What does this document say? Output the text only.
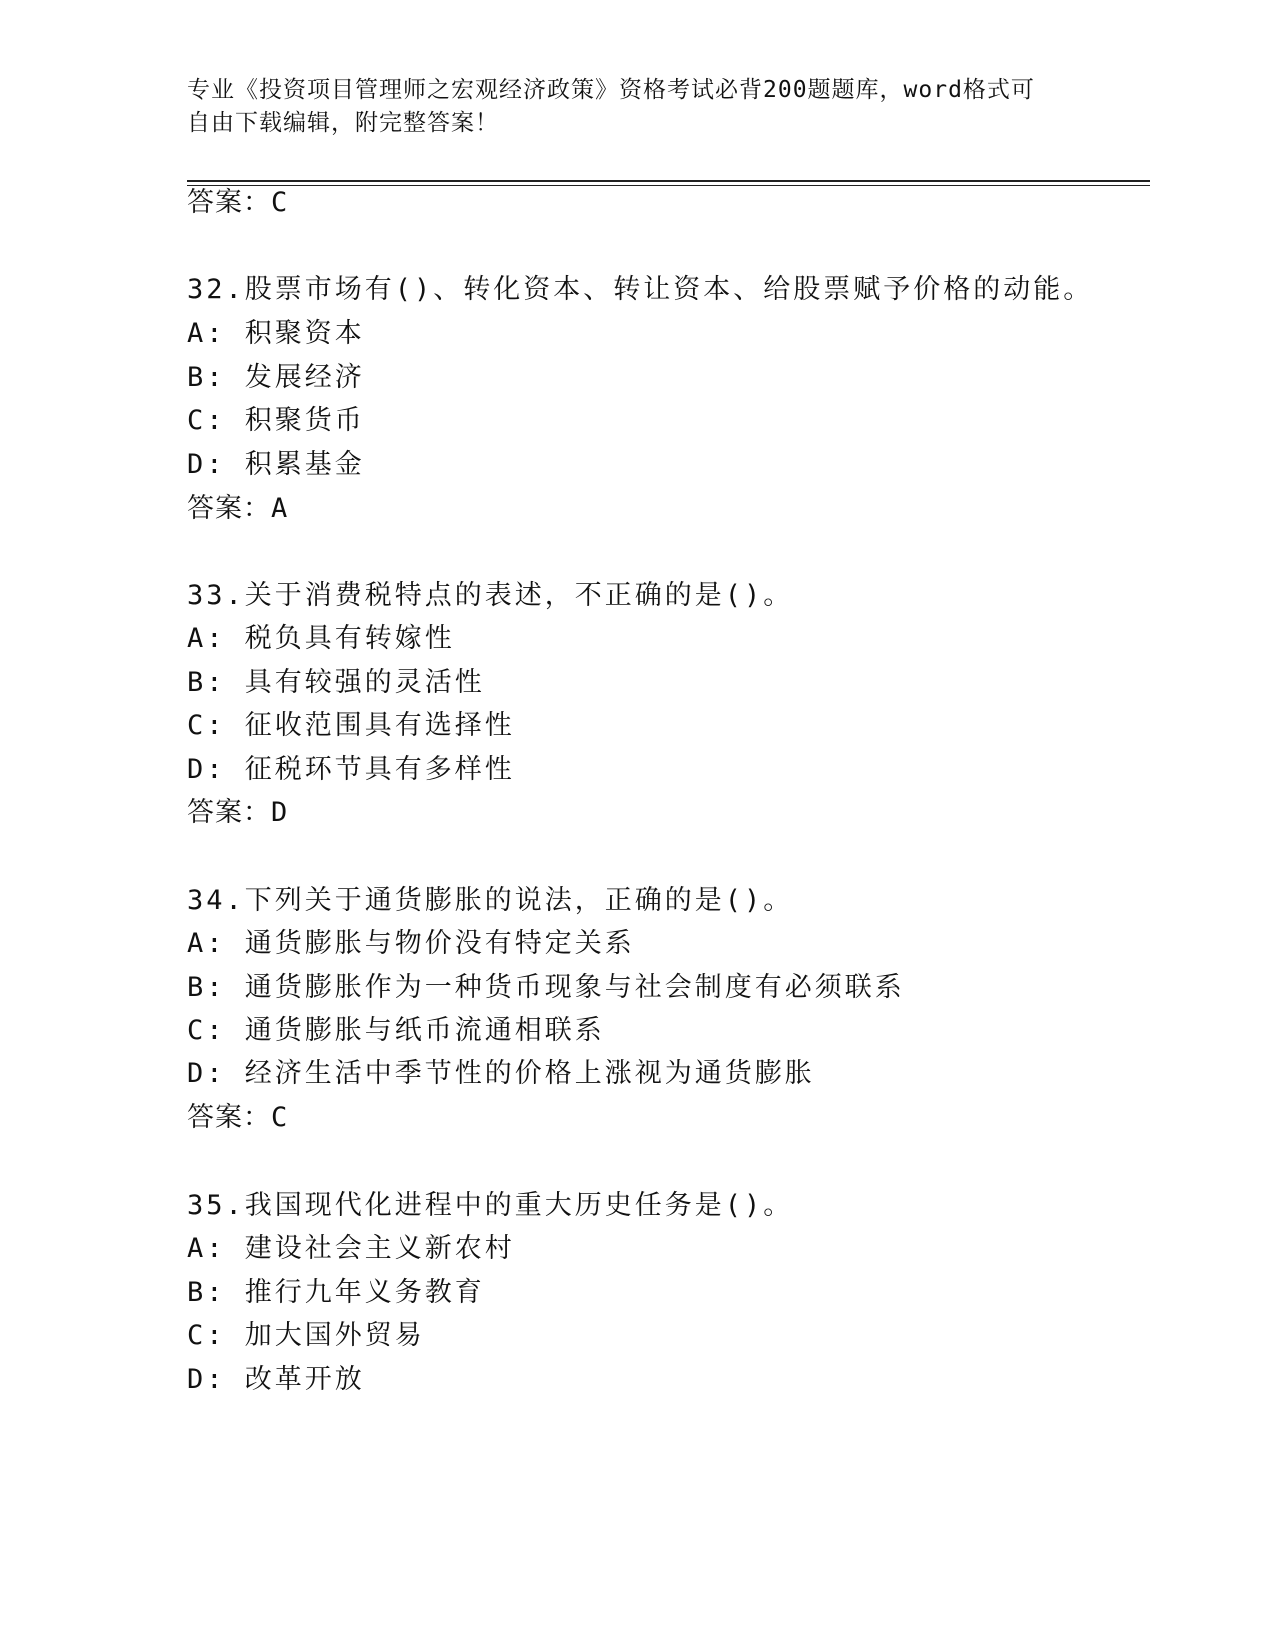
专业《投资项目管理师之宏观经济政策》资格考试必背200题题库，word格式可
自由下载编辑，附完整答案！
答案：C
32.股票市场有()、转化资本、转让资本、给股票赋予价格的动能。
A: 积聚资本
B: 发展经济
C: 积聚货币
D: 积累基金
答案：A
33.关于消费税特点的表述，不正确的是()。
A: 税负具有转嫁性
B: 具有较强的灵活性
C: 征收范围具有选择性
D: 征税环节具有多样性
答案：D
34.下列关于通货膨胀的说法，正确的是()。
A: 通货膨胀与物价没有特定关系
B: 通货膨胀作为一种货币现象与社会制度有必须联系
C: 通货膨胀与纸币流通相联系
D: 经济生活中季节性的价格上涨视为通货膨胀
答案：C
35.我国现代化进程中的重大历史任务是()。
A: 建设社会主义新农村
B: 推行九年义务教育
C: 加大国外贸易
D: 改革开放
